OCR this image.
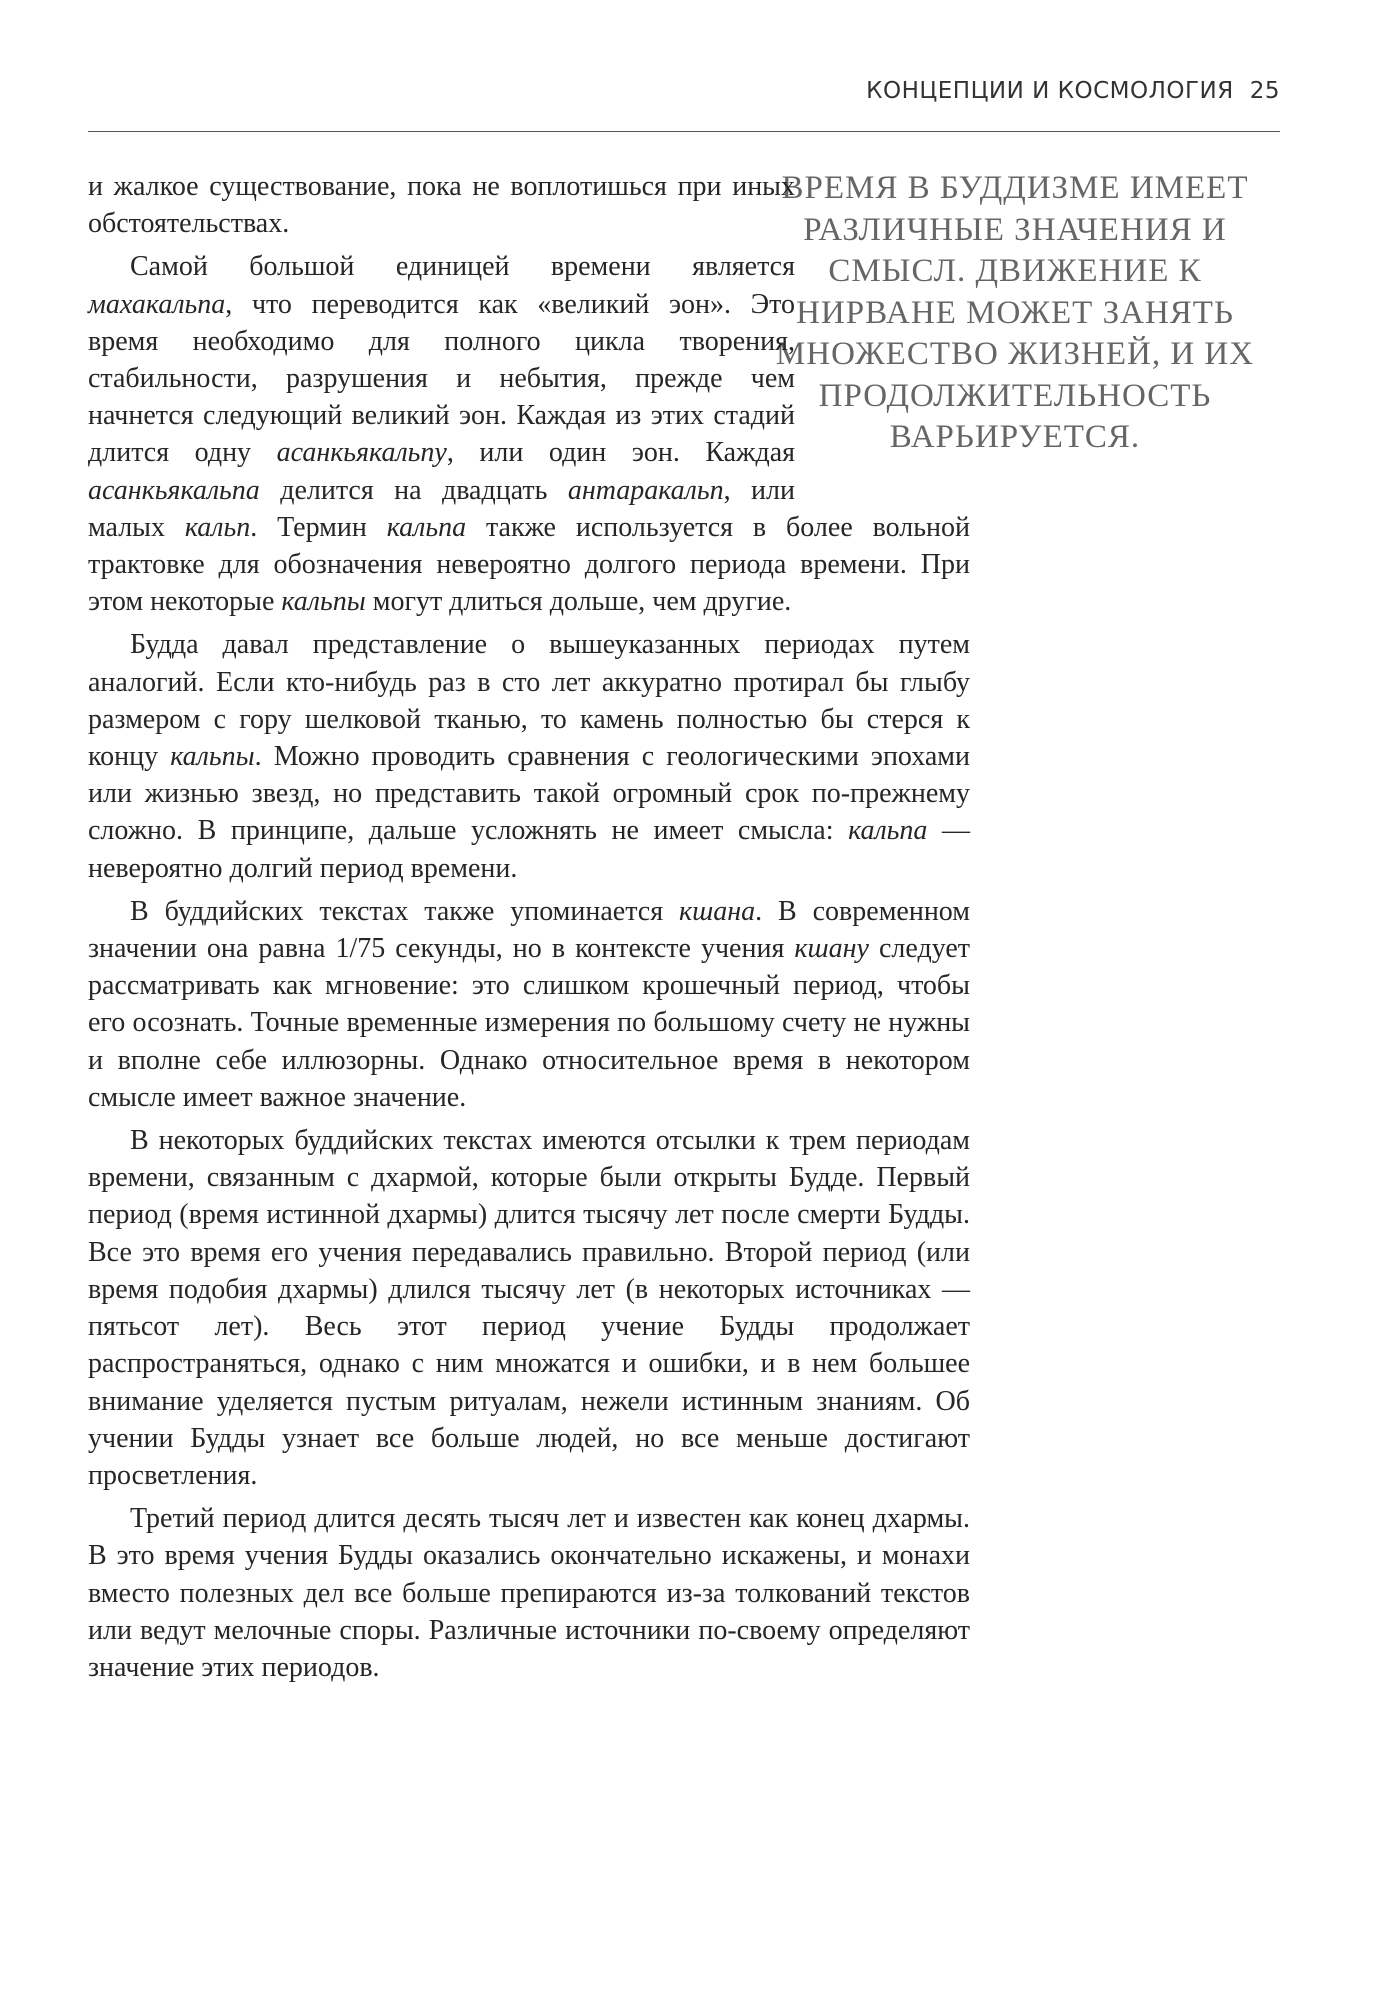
КОНЦЕПЦИИ И КОСМОЛОГИЯ 25
ВРЕМЯ В БУДДИЗМЕ ИМЕЕТ РАЗЛИЧНЫЕ ЗНАЧЕНИЯ И СМЫСЛ. ДВИЖЕНИЕ К НИРВАНЕ МОЖЕТ ЗАНЯТЬ МНОЖЕСТВО ЖИЗНЕЙ, И ИХ ПРОДОЛЖИТЕЛЬНОСТЬ ВАРЬИРУЕТСЯ.

и жалкое существование, пока не воплотишься при иных обстоятельствах.

Самой большой единицей времени является махакальпа, что переводится как «великий эон». Это время необходимо для полного цикла творения, стабильности, разрушения и небытия, прежде чем начнется следующий великий эон. Каждая из этих стадий длится одну асанкьякальпу, или один эон. Каждая асанкьякальпа делится на двадцать антаракальп, или малых кальп. Термин кальпа также используется в более вольной трактовке для обозначения невероятно долгого периода времени. При этом некоторые кальпы могут длиться дольше, чем другие.

Будда давал представление о вышеуказанных периодах путем аналогий. Если кто-нибудь раз в сто лет аккуратно протирал бы глыбу размером с гору шелковой тканью, то камень полностью бы стерся к концу кальпы. Можно проводить сравнения с геологическими эпохами или жизнью звезд, но представить такой огромный срок по-прежнему сложно. В принципе, дальше усложнять не имеет смысла: кальпа — невероятно долгий период времени.

В буддийских текстах также упоминается кшана. В современном значении она равна 1/75 секунды, но в контексте учения кшану следует рассматривать как мгновение: это слишком крошечный период, чтобы его осознать. Точные временные измерения по большому счету не нужны и вполне себе иллюзорны. Однако относительное время в некотором смысле имеет важное значение.

В некоторых буддийских текстах имеются отсылки к трем периодам времени, связанным с дхармой, которые были открыты Будде. Первый период (время истинной дхармы) длится тысячу лет после смерти Будды. Все это время его учения передавались правильно. Второй период (или время подобия дхармы) длился тысячу лет (в некоторых источниках — пятьсот лет). Весь этот период учение Будды продолжает распространяться, однако с ним множатся и ошибки, и в нем большее внимание уделяется пустым ритуалам, нежели истинным знаниям. Об учении Будды узнает все больше людей, но все меньше достигают просветления.

Третий период длится десять тысяч лет и известен как конец дхармы. В это время учения Будды оказались окончательно искажены, и монахи вместо полезных дел все больше препираются из-за толкований текстов или ведут мелочные споры. Различные источники по-своему определяют значение этих периодов.
